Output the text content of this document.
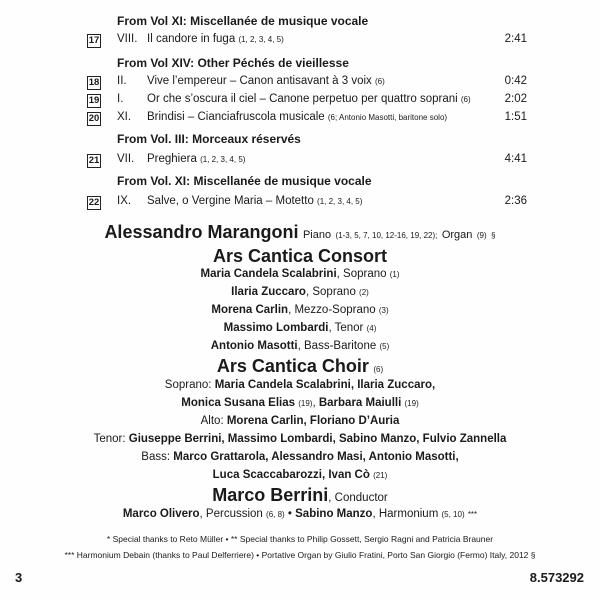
From Vol XI: Miscellanée de musique vocale
From Vol XIV: Other Péchés de vieillesse
From Vol. III: Morceaux réservés
From Vol. XI: Miscellanée de musique vocale
17 VIII. Il candore in fuga (1, 2, 3, 4, 5)	2:41
18 II. Vive l’empereur – Canon antisavant à 3 voix (6)	0:42
19 I. Or che s’oscura il ciel – Canone perpetuo per quattro soprani (6)	2:02
20 XI. Brindisi – Cianciafruscola musicale (6; Antonio Masotti, baritone solo)	1:51
21 VII. Preghiera (1, 2, 3, 4, 5)	4:41
22 IX. Salve, o Vergine Maria – Motetto (1, 2, 3, 4, 5)	2:36
Alessandro Marangoni Piano (1-3, 5, 7, 10, 12-16, 19, 22); Organ (9) §
Ars Cantica Consort
Maria Candela Scalabrini, Soprano (1)
Ilaria Zuccaro, Soprano (2)
Morena Carlin, Mezzo-Soprano (3)
Massimo Lombardi, Tenor (4)
Antonio Masotti, Bass-Baritone (5)
Ars Cantica Choir (6)
Soprano: Maria Candela Scalabrini, Ilaria Zuccaro,
Monica Susana Elias (19), Barbara Maiulli (19)
Alto: Morena Carlin, Floriano D’Auria
Tenor: Giuseppe Berrini, Massimo Lombardi, Sabino Manzo, Fulvio Zannella
Bass: Marco Grattarola, Alessandro Masi, Antonio Masotti,
Luca Scaccabarozzi, Ivan Cò (21)
Marco Berrini, Conductor
Marco Olivero, Percussion (6, 8) • Sabino Manzo, Harmonium (5, 10) ***
* Special thanks to Reto Müller • ** Special thanks to Philip Gossett, Sergio Ragni and Patricia Brauner
*** Harmonium Debain (thanks to Paul Delferriere) • Portative Organ by Giulio Fratini, Porto San Giorgio (Fermo) Italy, 2012 §
3	8.573292
